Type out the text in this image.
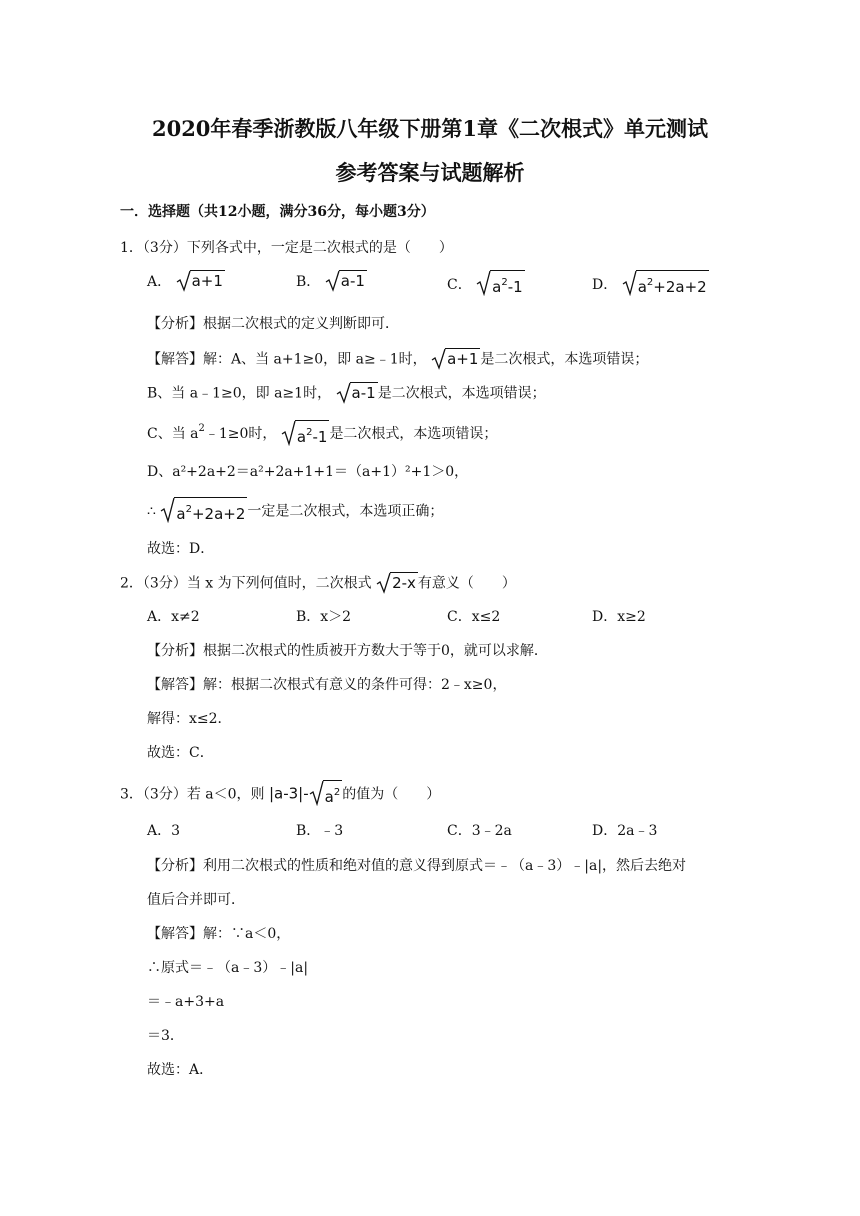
2020年春季浙教版八年级下册第1章《二次根式》单元测试
参考答案与试题解析
一．选择题（共12小题，满分36分，每小题3分）
1．（3分）下列各式中，一定是二次根式的是（　　）
A． a+1	B． a-1	C． $a^2-1$	D． $a^2+2a+2$
【分析】根据二次根式的定义判断即可．
【解答】解：A、当 a+1≥0，即 a≥﹣1时， a+1 是二次根式，本选项错误；
B、当 a﹣1≥0，即 a≥1时， a-1 是二次根式，本选项错误；
C、当 $a^2﹣1\ge 0$时， $a^2-1$ 是二次根式，本选项错误；
D、a²+2a+2＝a²+2a+1+1＝（a+1）²+1＞0，
∴ $a^2+2a+2$ 一定是二次根式，本选项正确；
故选：D．
2．（3分）当 x 为下列何值时，二次根式 2-x 有意义（　　）
A．x≠2	B．x＞2	C．x≤2	D．x≥2
【分析】根据二次根式的性质被开方数大于等于0，就可以求解．
【解答】解：根据二次根式有意义的条件可得：2﹣x≥0，
解得：x≤2．
故选：C．
3．（3分）若 a＜0，则 |a-3|- $a^2$ 的值为（　　）
A．3	B．﹣3	C．3﹣2a	D．2a﹣3
【分析】利用二次根式的性质和绝对值的意义得到原式＝﹣（a﹣3）﹣|a|，然后去绝对
值后合并即可．
【解答】解：∵a＜0，
∴原式＝﹣（a﹣3）﹣|a|
＝﹣a+3+a
＝3．
故选：A．
